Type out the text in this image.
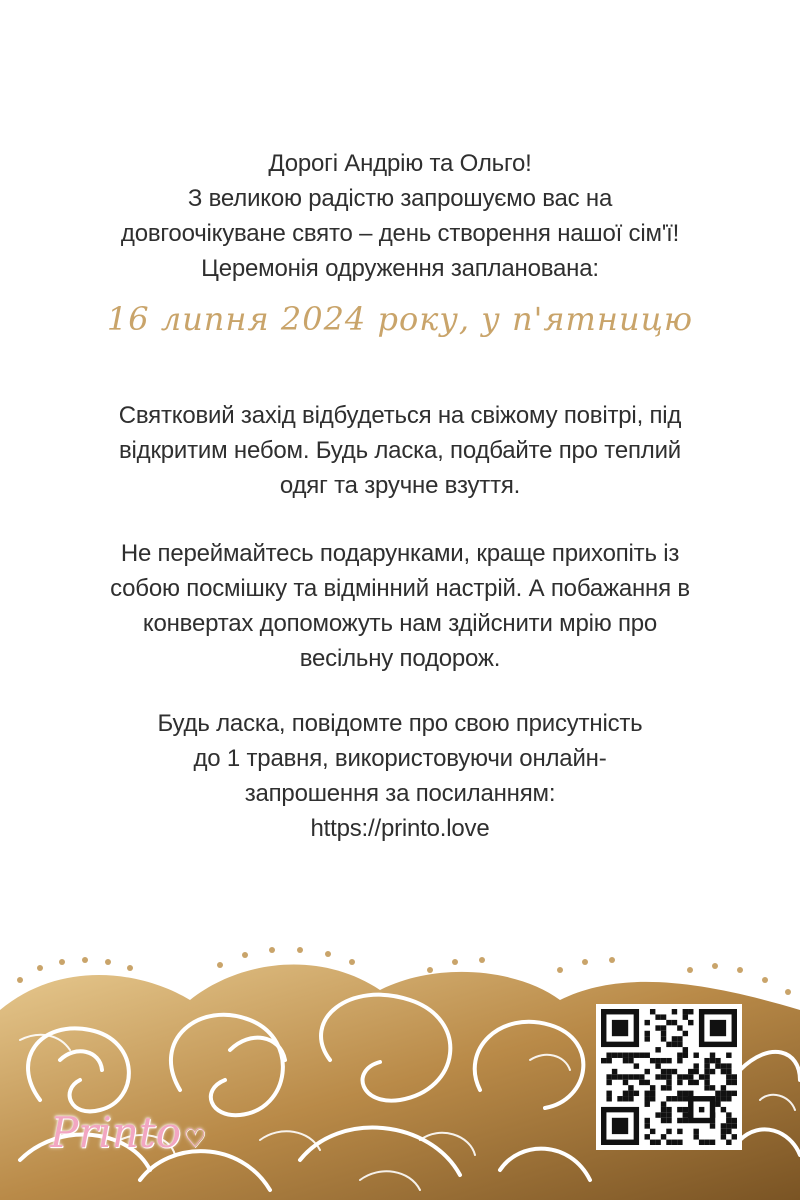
Дорогі Андрію та Ольго!
З великою радістю запрошуємо вас на
довгоочікуване свято – день створення нашої сім'ї!
Церемонія одруження запланована:
16 липня 2024 року, у п'ятницю
Святковий захід відбудеться на свіжому повітрі, під
відкритим небом. Будь ласка, подбайте про теплий
одяг та зручне взуття.
Не переймайтесь подарунками, краще прихопіть із
собою посмішку та відмінний настрій. А побажання в
конвертах допоможуть нам здійснити мрію про
весільну подорож.
Будь ласка, повідомте про свою присутність
до 1 травня, використовуючи онлайн-
запрошення за посиланням:
https://printo.love
Printo♡
